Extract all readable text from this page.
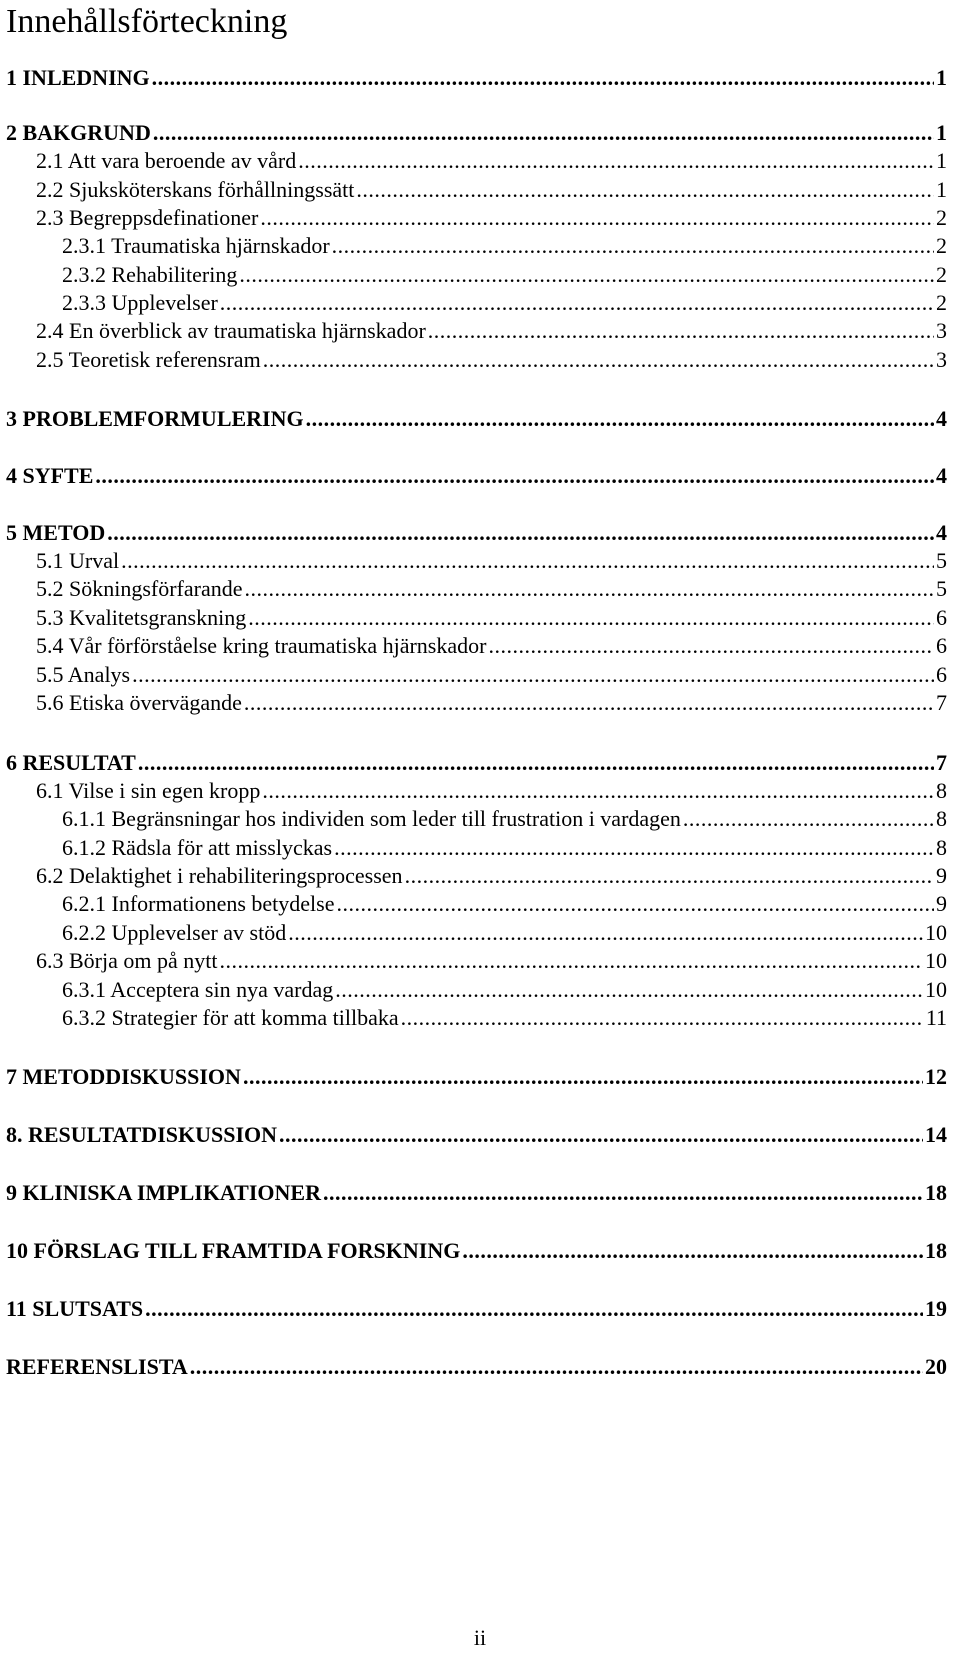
Innehållsförteckning
1 INLEDNING .....	1
2 BAKGRUND .....	1
2.1 Att vara beroende av vård .....	1
2.2 Sjuksköterskans förhållningssätt .....	1
2.3 Begreppsdefinationer .....	2
2.3.1 Traumatiska hjärnskador .....	2
2.3.2 Rehabilitering .....	2
2.3.3 Upplevelser .....	2
2.4 En överblick av traumatiska hjärnskador .....	3
2.5 Teoretisk referensram .....	3
3 PROBLEMFORMULERING .....	4
4 SYFTE .....	4
5 METOD .....	4
5.1 Urval .....	5
5.2 Sökningsförfarande .....	5
5.3 Kvalitetsgranskning .....	6
5.4 Vår förförståelse kring traumatiska hjärnskador .....	6
5.5 Analys .....	6
5.6 Etiska övervägande .....	7
6 RESULTAT .....	7
6.1 Vilse i sin egen kropp .....	8
6.1.1 Begränsningar hos individen som leder till frustration i vardagen .....	8
6.1.2 Rädsla för att misslyckas .....	8
6.2 Delaktighet i rehabiliteringsprocessen .....	9
6.2.1 Informationens betydelse .....	9
6.2.2 Upplevelser av stöd .....	10
6.3 Börja om på nytt .....	10
6.3.1 Acceptera sin nya vardag .....	10
6.3.2 Strategier för att komma tillbaka .....	11
7 METODDISKUSSION .....	12
8. RESULTATDISKUSSION .....	14
9 KLINISKA IMPLIKATIONER .....	18
10 FÖRSLAG TILL FRAMTIDA FORSKNING .....	18
11 SLUTSATS .....	19
REFERENSLISTA .....	20
ii
